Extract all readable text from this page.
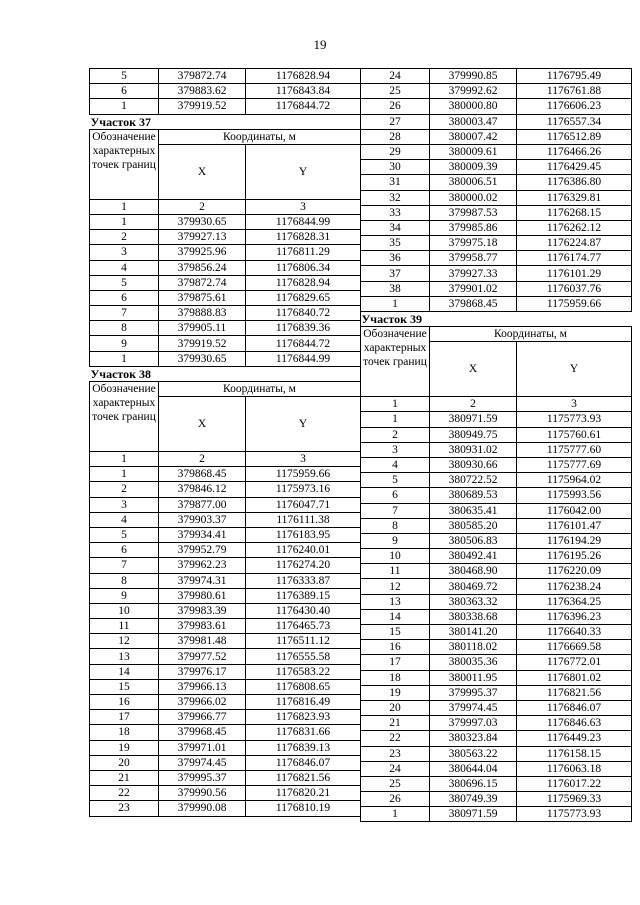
19
5	379872.74	1176828.94
6	379883.62	1176843.84
1	379919.52	1176844.72
Участок 37		
Обозначение характерных точек границ	Координаты, м	
	X	Y
1	2	3
1	379930.65	1176844.99
2	379927.13	1176828.31
3	379925.96	1176811.29
4	379856.24	1176806.34
5	379872.74	1176828.94
6	379875.61	1176829.65
7	379888.83	1176840.72
8	379905.11	1176839.36
9	379919.52	1176844.72
1	379930.65	1176844.99
Участок 38		
Обозначение характерных точек границ	Координаты, м	
	X	Y
1	2	3
1	379868.45	1175959.66
2	379846.12	1175973.16
3	379877.00	1176047.71
4	379903.37	1176111.38
5	379934.41	1176183.95
6	379952.79	1176240.01
7	379962.23	1176274.20
8	379974.31	1176333.87
9	379980.61	1176389.15
10	379983.39	1176430.40
11	379983.61	1176465.73
12	379981.48	1176511.12
13	379977.52	1176555.58
14	379976.17	1176583.22
15	379966.13	1176808.65
16	379966.02	1176816.49
17	379966.77	1176823.93
18	379968.45	1176831.66
19	379971.01	1176839.13
20	379974.45	1176846.07
21	379995.37	1176821.56
22	379990.56	1176820.21
23	379990.08	1176810.19
24	379990.85	1176795.49
25	379992.62	1176761.88
26	380000.80	1176606.23
27	380003.47	1176557.34
28	380007.42	1176512.89
29	380009.61	1176466.26
30	380009.39	1176429.45
31	380006.51	1176386.80
32	380000.02	1176329.81
33	379987.53	1176268.15
34	379985.86	1176262.12
35	379975.18	1176224.87
36	379958.77	1176174.77
37	379927.33	1176101.29
38	379901.02	1176037.76
1	379868.45	1175959.66
Участок 39		
Обозначение характерных точек границ	Координаты, м	
	X	Y
1	2	3
1	380971.59	1175773.93
2	380949.75	1175760.61
3	380931.02	1175777.60
4	380930.66	1175777.69
5	380722.52	1175964.02
6	380689.53	1175993.56
7	380635.41	1176042.00
8	380585.20	1176101.47
9	380506.83	1176194.29
10	380492.41	1176195.26
11	380468.90	1176220.09
12	380469.72	1176238.24
13	380363.32	1176364.25
14	380338.68	1176396.23
15	380141.20	1176640.33
16	380118.02	1176669.58
17	380035.36	1176772.01
18	380011.95	1176801.02
19	379995.37	1176821.56
20	379974.45	1176846.07
21	379997.03	1176846.63
22	380323.84	1176449.23
23	380563.22	1176158.15
24	380644.04	1176063.18
25	380696.15	1176017.22
26	380749.39	1175969.33
1	380971.59	1175773.93
